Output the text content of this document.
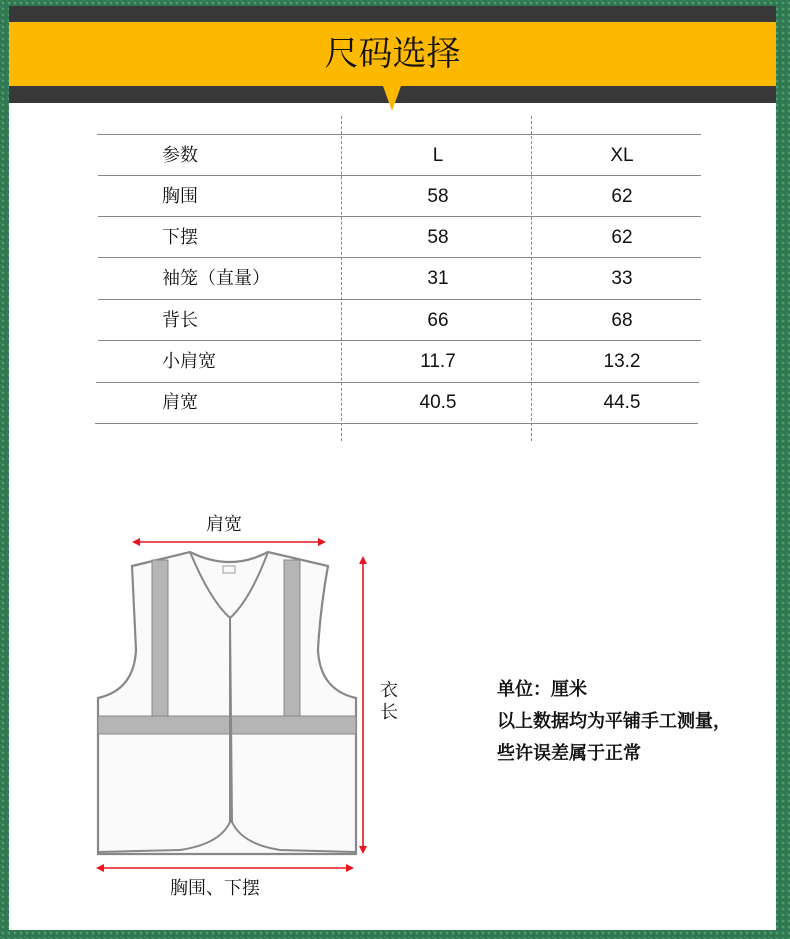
尺码选择
参数	L	XL
胸围	58	62
下摆	58	62
袖笼（直量）	31	33
背长	66	68
小肩宽	11.7	13.2
肩宽	40.5	44.5
单位：厘米
以上数据均为平铺手工测量，
些许误差属于正常
肩宽
衣
长
胸围、下摆
